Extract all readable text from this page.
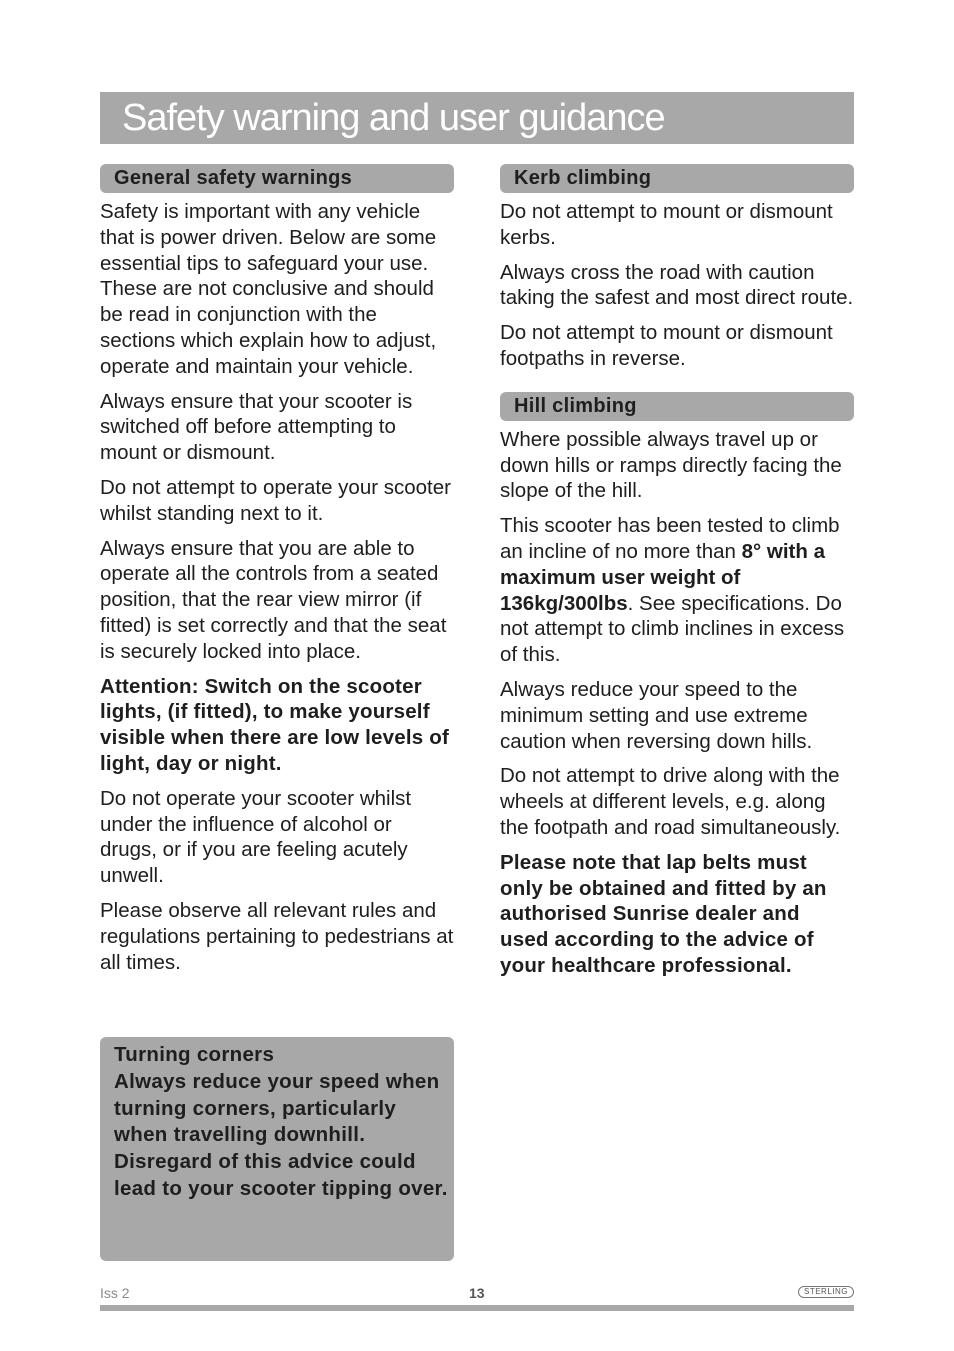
Safety warning and user guidance
General safety warnings

Safety is important with any vehicle that is power driven. Below are some essential tips to safeguard your use. These are not conclusive and should be read in conjunction with the sections which explain how to adjust, operate and maintain your vehicle.

Always ensure that your scooter is switched off before attempting to mount or dismount.

Do not attempt to operate your scooter whilst standing next to it.

Always ensure that you are able to operate all the controls from a seated position, that the rear view mirror (if fitted) is set correctly and that the seat is securely locked into place.

Attention: Switch on the scooter lights, (if fitted), to make yourself visible when there are low levels of light, day or night.

Do not operate your scooter whilst under the influence of alcohol or drugs, or if you are feeling acutely unwell.

Please observe all relevant rules and regulations pertaining to pedestrians at all times.

Turning corners
Always reduce your speed when turning corners, particularly when travelling downhill.
Disregard of this advice could lead to your scooter tipping over.
Kerb climbing

Do not attempt to mount or dismount kerbs.

Always cross the road with caution taking the safest and most direct route.

Do not attempt to mount or dismount footpaths in reverse.

Hill climbing

Where possible always travel up or down hills or ramps directly facing the slope of the hill.

This scooter has been tested to climb an incline of no more than 8° with a maximum user weight of 136kg/300lbs. See specifications. Do not attempt to climb inclines in excess of this.

Always reduce your speed to the minimum setting and use extreme caution when reversing down hills.

Do not attempt to drive along with the wheels at different levels, e.g. along the footpath and road simultaneously.

Please note that lap belts must only be obtained and fitted by an authorised Sunrise dealer and used according to the advice of your healthcare professional.

Iss 2	13	STERLING
